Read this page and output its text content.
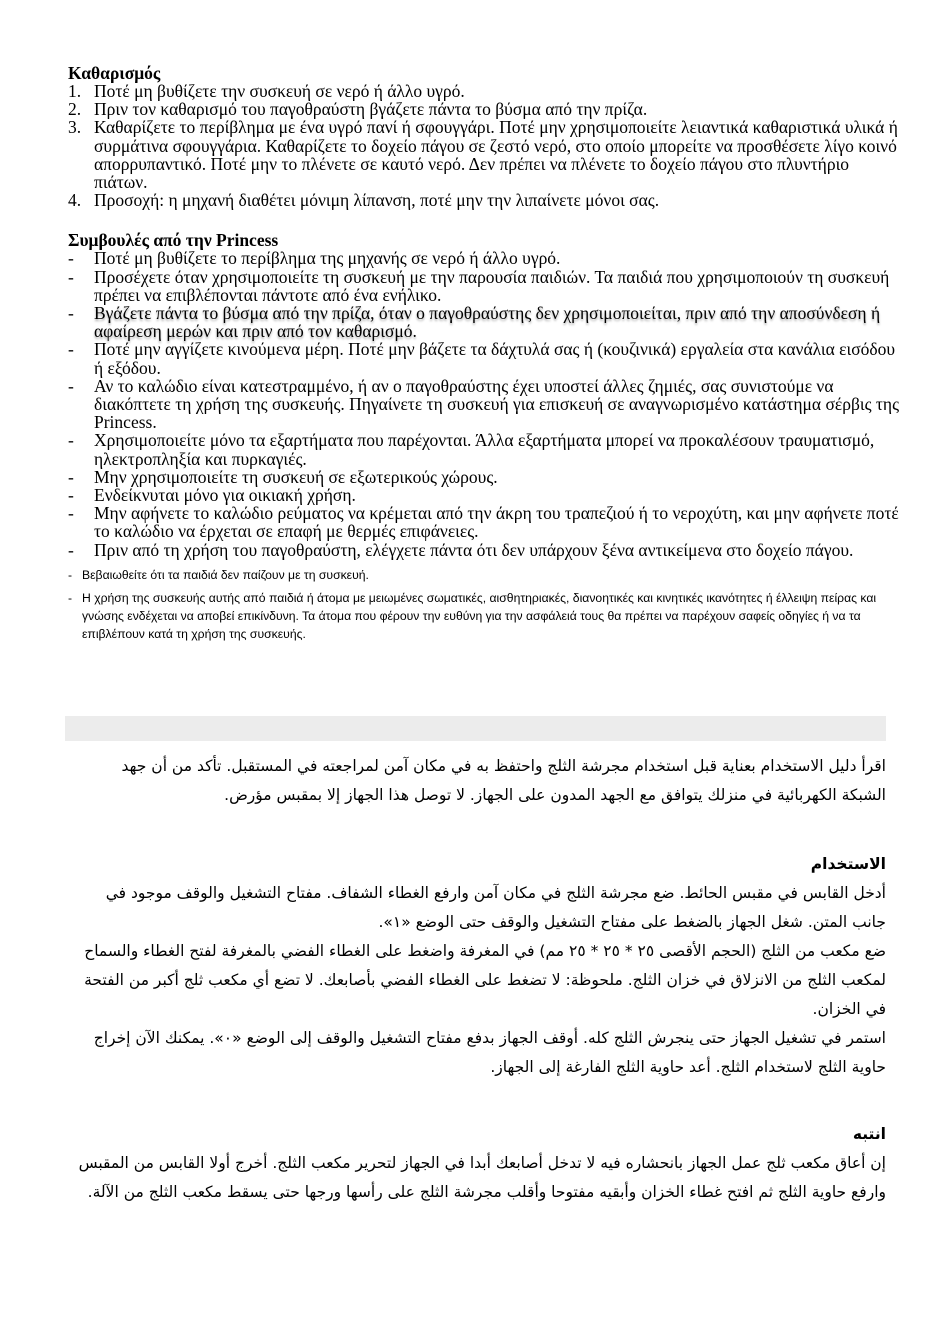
Καθαρισμός
1. Ποτέ μη βυθίζετε την συσκευή σε νερό ή άλλο υγρό.
2. Πριν τον καθαρισμό του παγοθραύστη βγάζετε πάντα το βύσμα από την πρίζα.
3. Καθαρίζετε το περίβλημα με ένα υγρό πανί ή σφουγγάρι. Ποτέ μην χρησιμοποιείτε λειαντικά καθαριστικά υλικά ή συρμάτινα σφουγγάρια. Καθαρίζετε το δοχείο πάγου σε ζεστό νερό, στο οποίο μπορείτε να προσθέσετε λίγο κοινό απορρυπαντικό. Ποτέ μην το πλένετε σε καυτό νερό. Δεν πρέπει να πλένετε το δοχείο πάγου στο πλυντήριο πιάτων.
4. Προσοχή: η μηχανή διαθέτει μόνιμη λίπανση, ποτέ μην την λιπαίνετε μόνοι σας.
Συμβουλές από την Princess
- Ποτέ μη βυθίζετε το περίβλημα της μηχανής σε νερό ή άλλο υγρό.
- Προσέχετε όταν χρησιμοποιείτε τη συσκευή με την παρουσία παιδιών. Τα παιδιά που χρησιμοποιούν τη συσκευή πρέπει να επιβλέπονται πάντοτε από ένα ενήλικο.
- Βγάζετε πάντα το βύσμα από την πρίζα, όταν ο παγοθραύστης δεν χρησιμοποιείται, πριν από την αποσύνδεση ή αφαίρεση μερών και πριν από τον καθαρισμό.
- Ποτέ μην αγγίζετε κινούμενα μέρη. Ποτέ μην βάζετε τα δάχτυλά σας ή (κουζινικά) εργαλεία στα κανάλια εισόδου ή εξόδου.
- Αν το καλώδιο είναι κατεστραμμένο, ή αν ο παγοθραύστης έχει υποστεί άλλες ζημιές, σας συνιστούμε να διακόπτετε τη χρήση της συσκευής. Πηγαίνετε τη συσκευή για επισκευή σε αναγνωρισμένο κατάστημα σέρβις της Princess.
- Χρησιμοποιείτε μόνο τα εξαρτήματα που παρέχονται. Άλλα εξαρτήματα μπορεί να προκαλέσουν τραυματισμό, ηλεκτροπληξία και πυρκαγιές.
- Μην χρησιμοποιείτε τη συσκευή σε εξωτερικούς χώρους.
- Ενδείκνυται μόνο για οικιακή χρήση.
- Μην αφήνετε το καλώδιο ρεύματος να κρέμεται από την άκρη του τραπεζιού ή το νεροχύτη, και μην αφήνετε ποτέ το καλώδιο να έρχεται σε επαφή με θερμές επιφάνειες.
- Πριν από τη χρήση του παγοθραύστη, ελέγχετε πάντα ότι δεν υπάρχουν ξένα αντικείμενα στο δοχείο πάγου.
- Βεβαιωθείτε ότι τα παιδιά δεν παίζουν με τη συσκευή.
- Η χρήση της συσκευής αυτής από παιδιά ή άτομα με μειωμένες σωματικές, αισθητηριακές, διανοητικές και κινητικές ικανότητες ή έλλειψη πείρας και γνώσης ενδέχεται να αποβεί επικίνδυνη. Τα άτομα που φέρουν την ευθύνη για την ασφάλειά τους θα πρέπει να παρέχουν σαφείς οδηγίες ή να τα επιβλέπουν κατά τη χρήση της συσκευής.

اقرأ دليل الاستخدام بعناية قبل استخدام مجرشة الثلج واحتفظ به في مكان آمن لمراجعته في المستقبل. تأكد من أن جهد الشبكة الكهربائية في منزلك يتوافق مع الجهد المدون على الجهاز. لا توصل هذا الجهاز إلا بمقبس مؤرض.

الاستخدام

أدخل القابس في مقبس الحائط. ضع مجرشة الثلج في مكان آمن وارفع الغطاء الشفاف. مفتاح التشغيل والوقف موجود في جانب المتن. شغل الجهاز بالضغط على مفتاح التشغيل والوقف حتى الوضع «١».

ضع مكعب من الثلج (الحجم الأقصى ٢٥ * ٢٥ * ٢٥ مم) في المغرفة واضغط على الغطاء الفضي بالمغرفة لفتح الغطاء والسماح لمكعب الثلج من الانزلاق في خزان الثلج. ملحوظة: لا تضغط على الغطاء الفضي بأصابعك. لا تضع أي مكعب ثلج أكبر من الفتحة في الخزان.

استمر في تشغيل الجهاز حتى ينجرش الثلج كله. أوقف الجهاز بدفع مفتاح التشغيل والوقف إلى الوضع «٠». يمكنك الآن إخراج حاوية الثلج لاستخدام الثلج. أعد حاوية الثلج الفارغة إلى الجهاز.

انتبه

إن أعاق مكعب ثلج عمل الجهاز بانحشاره فيه لا تدخل أصابعك أبدا في الجهاز لتحرير مكعب الثلج. أخرج أولا القابس من المقبس وارفع حاوية الثلج ثم افتح غطاء الخزان وأبقيه مفتوحا وأقلب مجرشة الثلج على رأسها ورجها حتى يسقط مكعب الثلج من الآلة.
